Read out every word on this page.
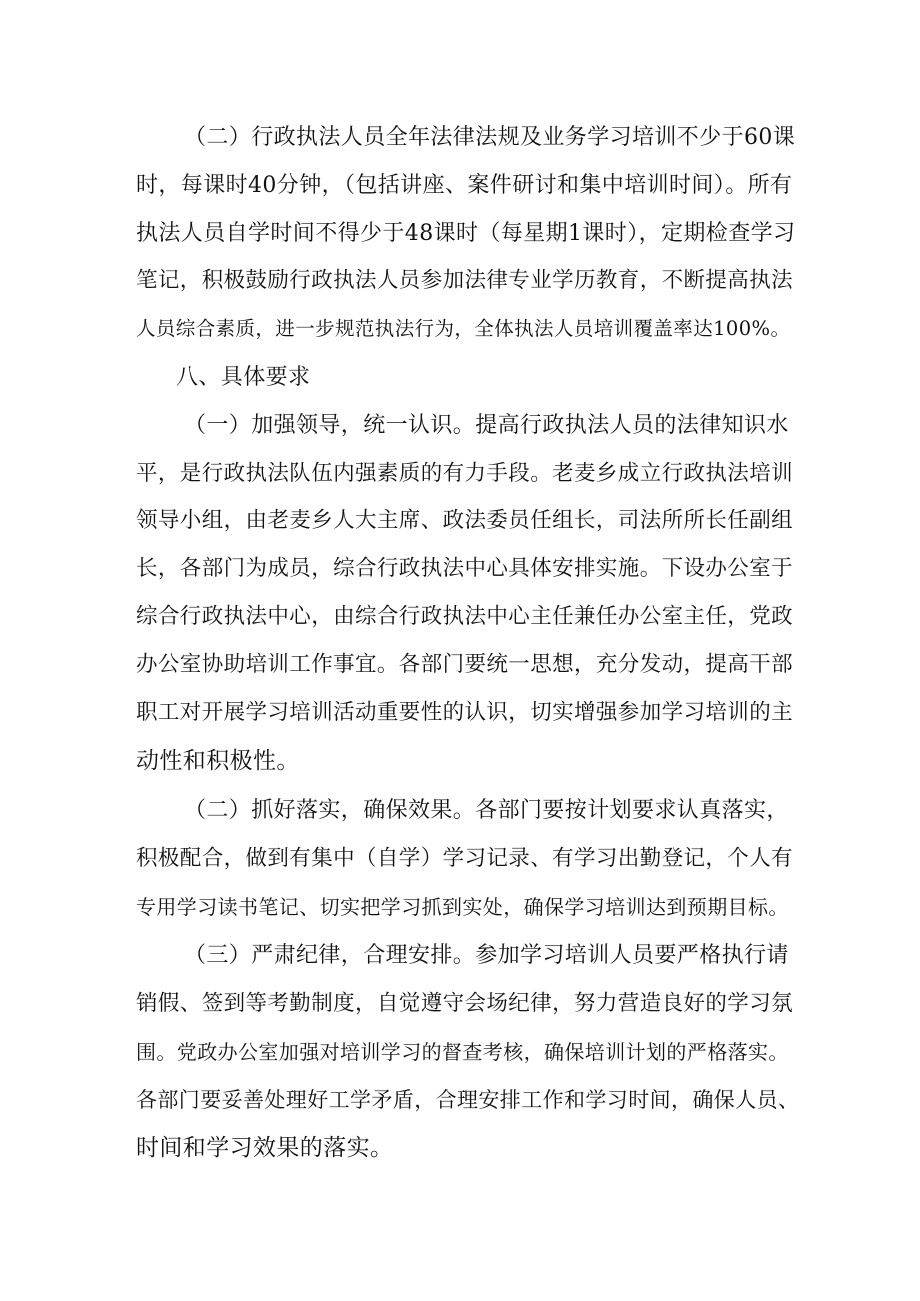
（二）行政执法人员全年法律法规及业务学习培训不少于60课
时，每课时40分钟，（包括讲座、案件研讨和集中培训时间）。所有
执法人员自学时间不得少于48课时（每星期1课时），定期检查学习
笔记，积极鼓励行政执法人员参加法律专业学历教育，不断提高执法
人员综合素质，进一步规范执法行为，全体执法人员培训覆盖率达100%。
八、具体要求
（一）加强领导，统一认识。提高行政执法人员的法律知识水
平，是行政执法队伍内强素质的有力手段。老麦乡成立行政执法培训
领导小组，由老麦乡人大主席、政法委员任组长，司法所所长任副组
长，各部门为成员，综合行政执法中心具体安排实施。下设办公室于
综合行政执法中心，由综合行政执法中心主任兼任办公室主任，党政
办公室协助培训工作事宜。各部门要统一思想，充分发动，提高干部
职工对开展学习培训活动重要性的认识，切实增强参加学习培训的主
动性和积极性。
（二）抓好落实，确保效果。各部门要按计划要求认真落实，
积极配合，做到有集中（自学）学习记录、有学习出勤登记，个人有
专用学习读书笔记、切实把学习抓到实处，确保学习培训达到预期目标。
（三）严肃纪律，合理安排。参加学习培训人员要严格执行请
销假、签到等考勤制度，自觉遵守会场纪律，努力营造良好的学习氛
围。党政办公室加强对培训学习的督查考核，确保培训计划的严格落实。
各部门要妥善处理好工学矛盾，合理安排工作和学习时间，确保人员、
时间和学习效果的落实。
